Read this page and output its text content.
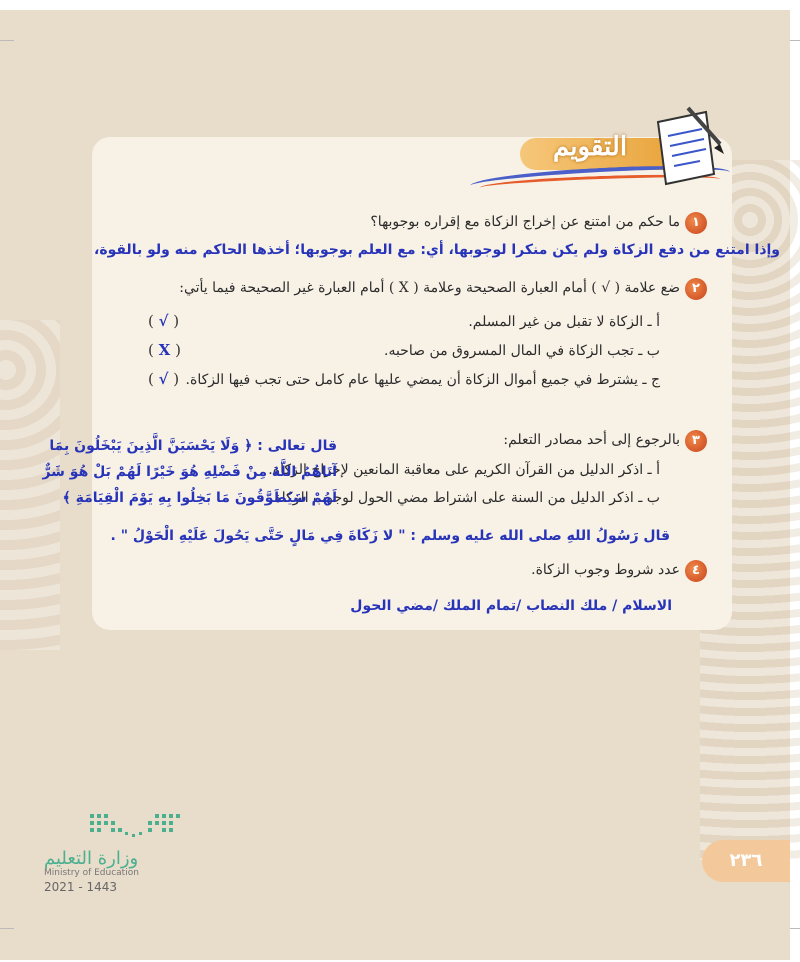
التقويم
١
ما حكم من امتنع عن إخراج الزكاة مع إقراره بوجوبها؟
وإذا امتنع من دفع الزكاة ولم يكن منكرا لوجوبها، أي: مع العلم بوجوبها؛ أخذها الحاكم منه ولو بالقوة،
٢
ضع علامة ( √ ) أمام العبارة الصحيحة وعلامة ( X ) أمام العبارة غير الصحيحة فيما يأتي:
أ ـ الزكاة لا تقبل من غير المسلم.
( √ )
ب ـ تجب الزكاة في المال المسروق من صاحبه.
( X )
ج ـ يشترط في جميع أموال الزكاة أن يمضي عليها عام كامل حتى تجب فيها الزكاة.
( √ )
٣
بالرجوع إلى أحد مصادر التعلم:
أ ـ اذكر الدليل من القرآن الكريم على معاقبة المانعين لإخراج الزكاة.
ب ـ اذكر الدليل من السنة على اشتراط مضي الحول لوجوب الزكاة.
قال تعالى : ﴿ وَلَا يَحْسَبَنَّ الَّذِينَ يَبْخَلُونَ بِمَا
آتَاهُمُ اللَّهُ مِنْ فَضْلِهِ هُوَ خَيْرًا لَهُمْ بَلْ هُوَ شَرٌّ
لَهُمْ سَيُطَوَّقُونَ مَا بَخِلُوا بِهِ يَوْمَ الْقِيَامَةِ ﴾
قال رَسُولُ اللهِ صلى الله عليه وسلم : " لا زَكَاةَ فِي مَالٍ حَتَّى يَحُولَ عَلَيْهِ الْحَوْلُ " .
٤
عدد شروط وجوب الزكاة.
الاسلام / ملك النصاب /تمام الملك /مضي الحول
٢٣٦
وزارة التعليم
Ministry of Education
2021 - 1443
